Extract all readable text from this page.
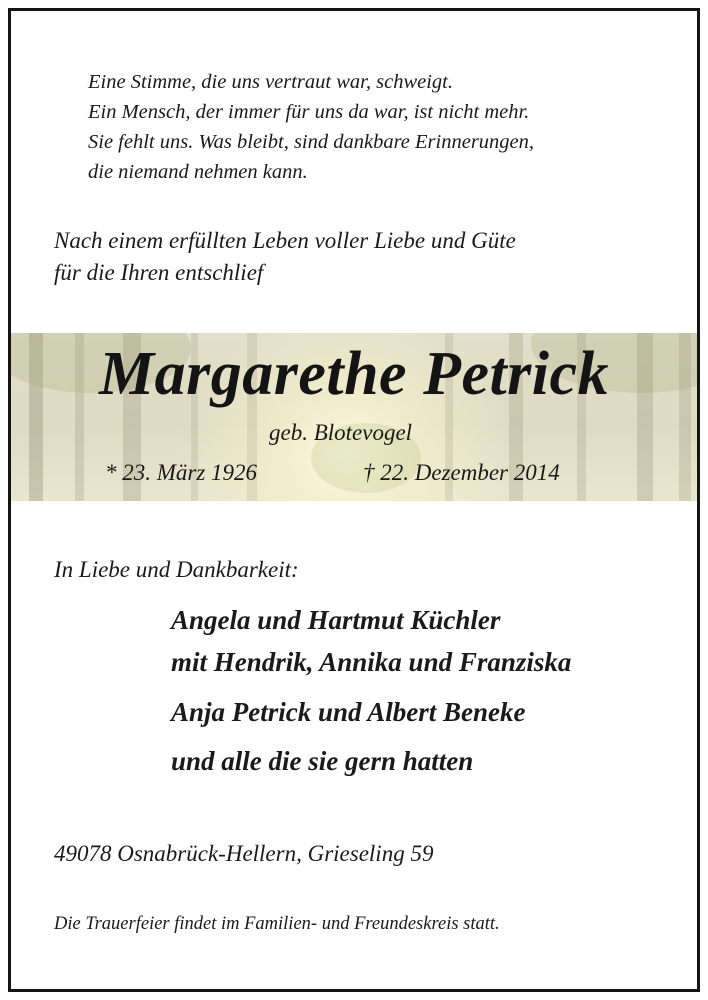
Eine Stimme, die uns vertraut war, schweigt.

Ein Mensch, der immer für uns da war, ist nicht mehr.

Sie fehlt uns. Was bleibt, sind dankbare Erinnerungen,

die niemand nehmen kann.

Nach einem erfüllten Leben voller Liebe und Güte

für die Ihren entschlief

Margarethe Petrick
geb. Blotevogel
* 23. März 1926	† 22. Dezember 2014

In Liebe und Dankbarkeit:

Angela und Hartmut Küchler
mit Hendrik, Annika und Franziska
Anja Petrick und Albert Beneke
und alle die sie gern hatten

49078 Osnabrück-Hellern, Grieseling 59

Die Trauerfeier findet im Familien- und Freundeskreis statt.
